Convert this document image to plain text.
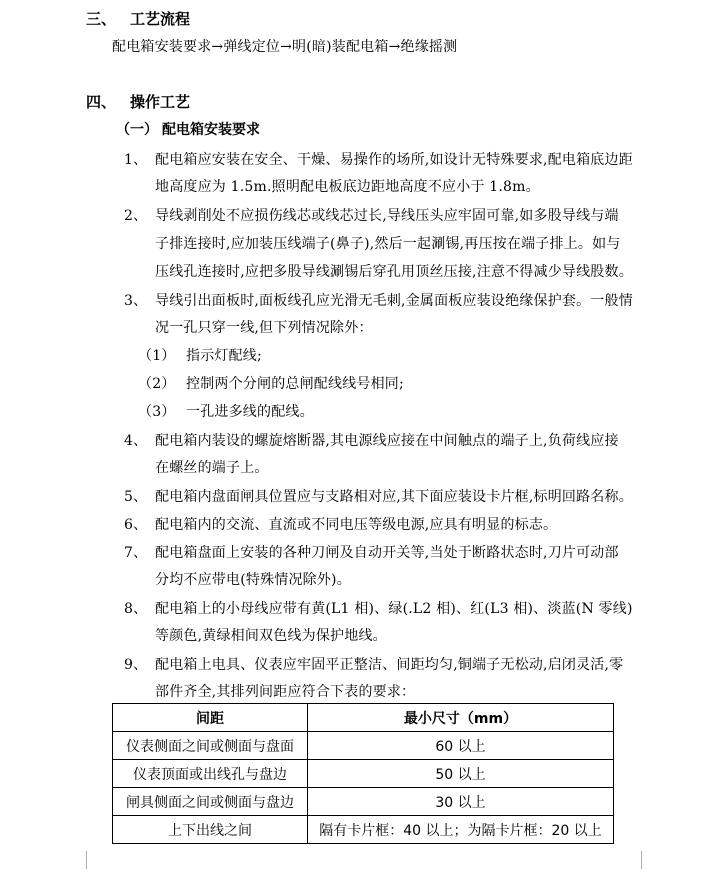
三、 工艺流程
配电箱安装要求→弹线定位→明(暗)装配电箱→绝缘摇测
四、 操作工艺
（一） 配电箱安装要求
1、 配电箱应安装在安全、干燥、易操作的场所,如设计无特殊要求,配电箱底边距
地高度应为 1.5m.照明配电板底边距地高度不应小于 1.8m。
2、 导线剥削处不应损伤线芯或线芯过长,导线压头应牢固可靠,如多股导线与端
子排连接时,应加装压线端子(鼻子),然后一起涮锡,再压按在端子排上。如与
压线孔连接时,应把多股导线涮锡后穿孔用顶丝压接,注意不得减少导线股数。
3、 导线引出面板时,面板线孔应光滑无毛刺,金属面板应装设绝缘保护套。一般情
况一孔只穿一线,但下列情况除外：
（1） 指示灯配线;
（2） 控制两个分闸的总闸配线线号相同;
（3） 一孔进多线的配线。
4、 配电箱内装设的螺旋熔断器,其电源线应接在中间触点的端子上,负荷线应接
在螺丝的端子上。
5、 配电箱内盘面闸具位置应与支路相对应,其下面应装设卡片框,标明回路名称。
6、 配电箱内的交流、直流或不同电压等级电源,应具有明显的标志。
7、 配电箱盘面上安装的各种刀闸及自动开关等,当处于断路状态时,刀片可动部
分均不应带电(特殊情况除外)。
8、 配电箱上的小母线应带有黄(L1 相)、绿(.L2 相)、红(L3 相)、淡蓝(N 零线)
等颜色,黄绿相间双色线为保护地线。
9、 配电箱上电具、仪表应牢固平正整洁、间距均匀,铜端子无松动,启闭灵活,零
部件齐全,其排列间距应符合下表的要求：
间距	最小尺寸（mm）
仪表侧面之间或侧面与盘面	60 以上
仪表顶面或出线孔与盘边	50 以上
闸具侧面之间或侧面与盘边	30 以上
上下出线之间	隔有卡片框：40 以上；为隔卡片框：20 以上
